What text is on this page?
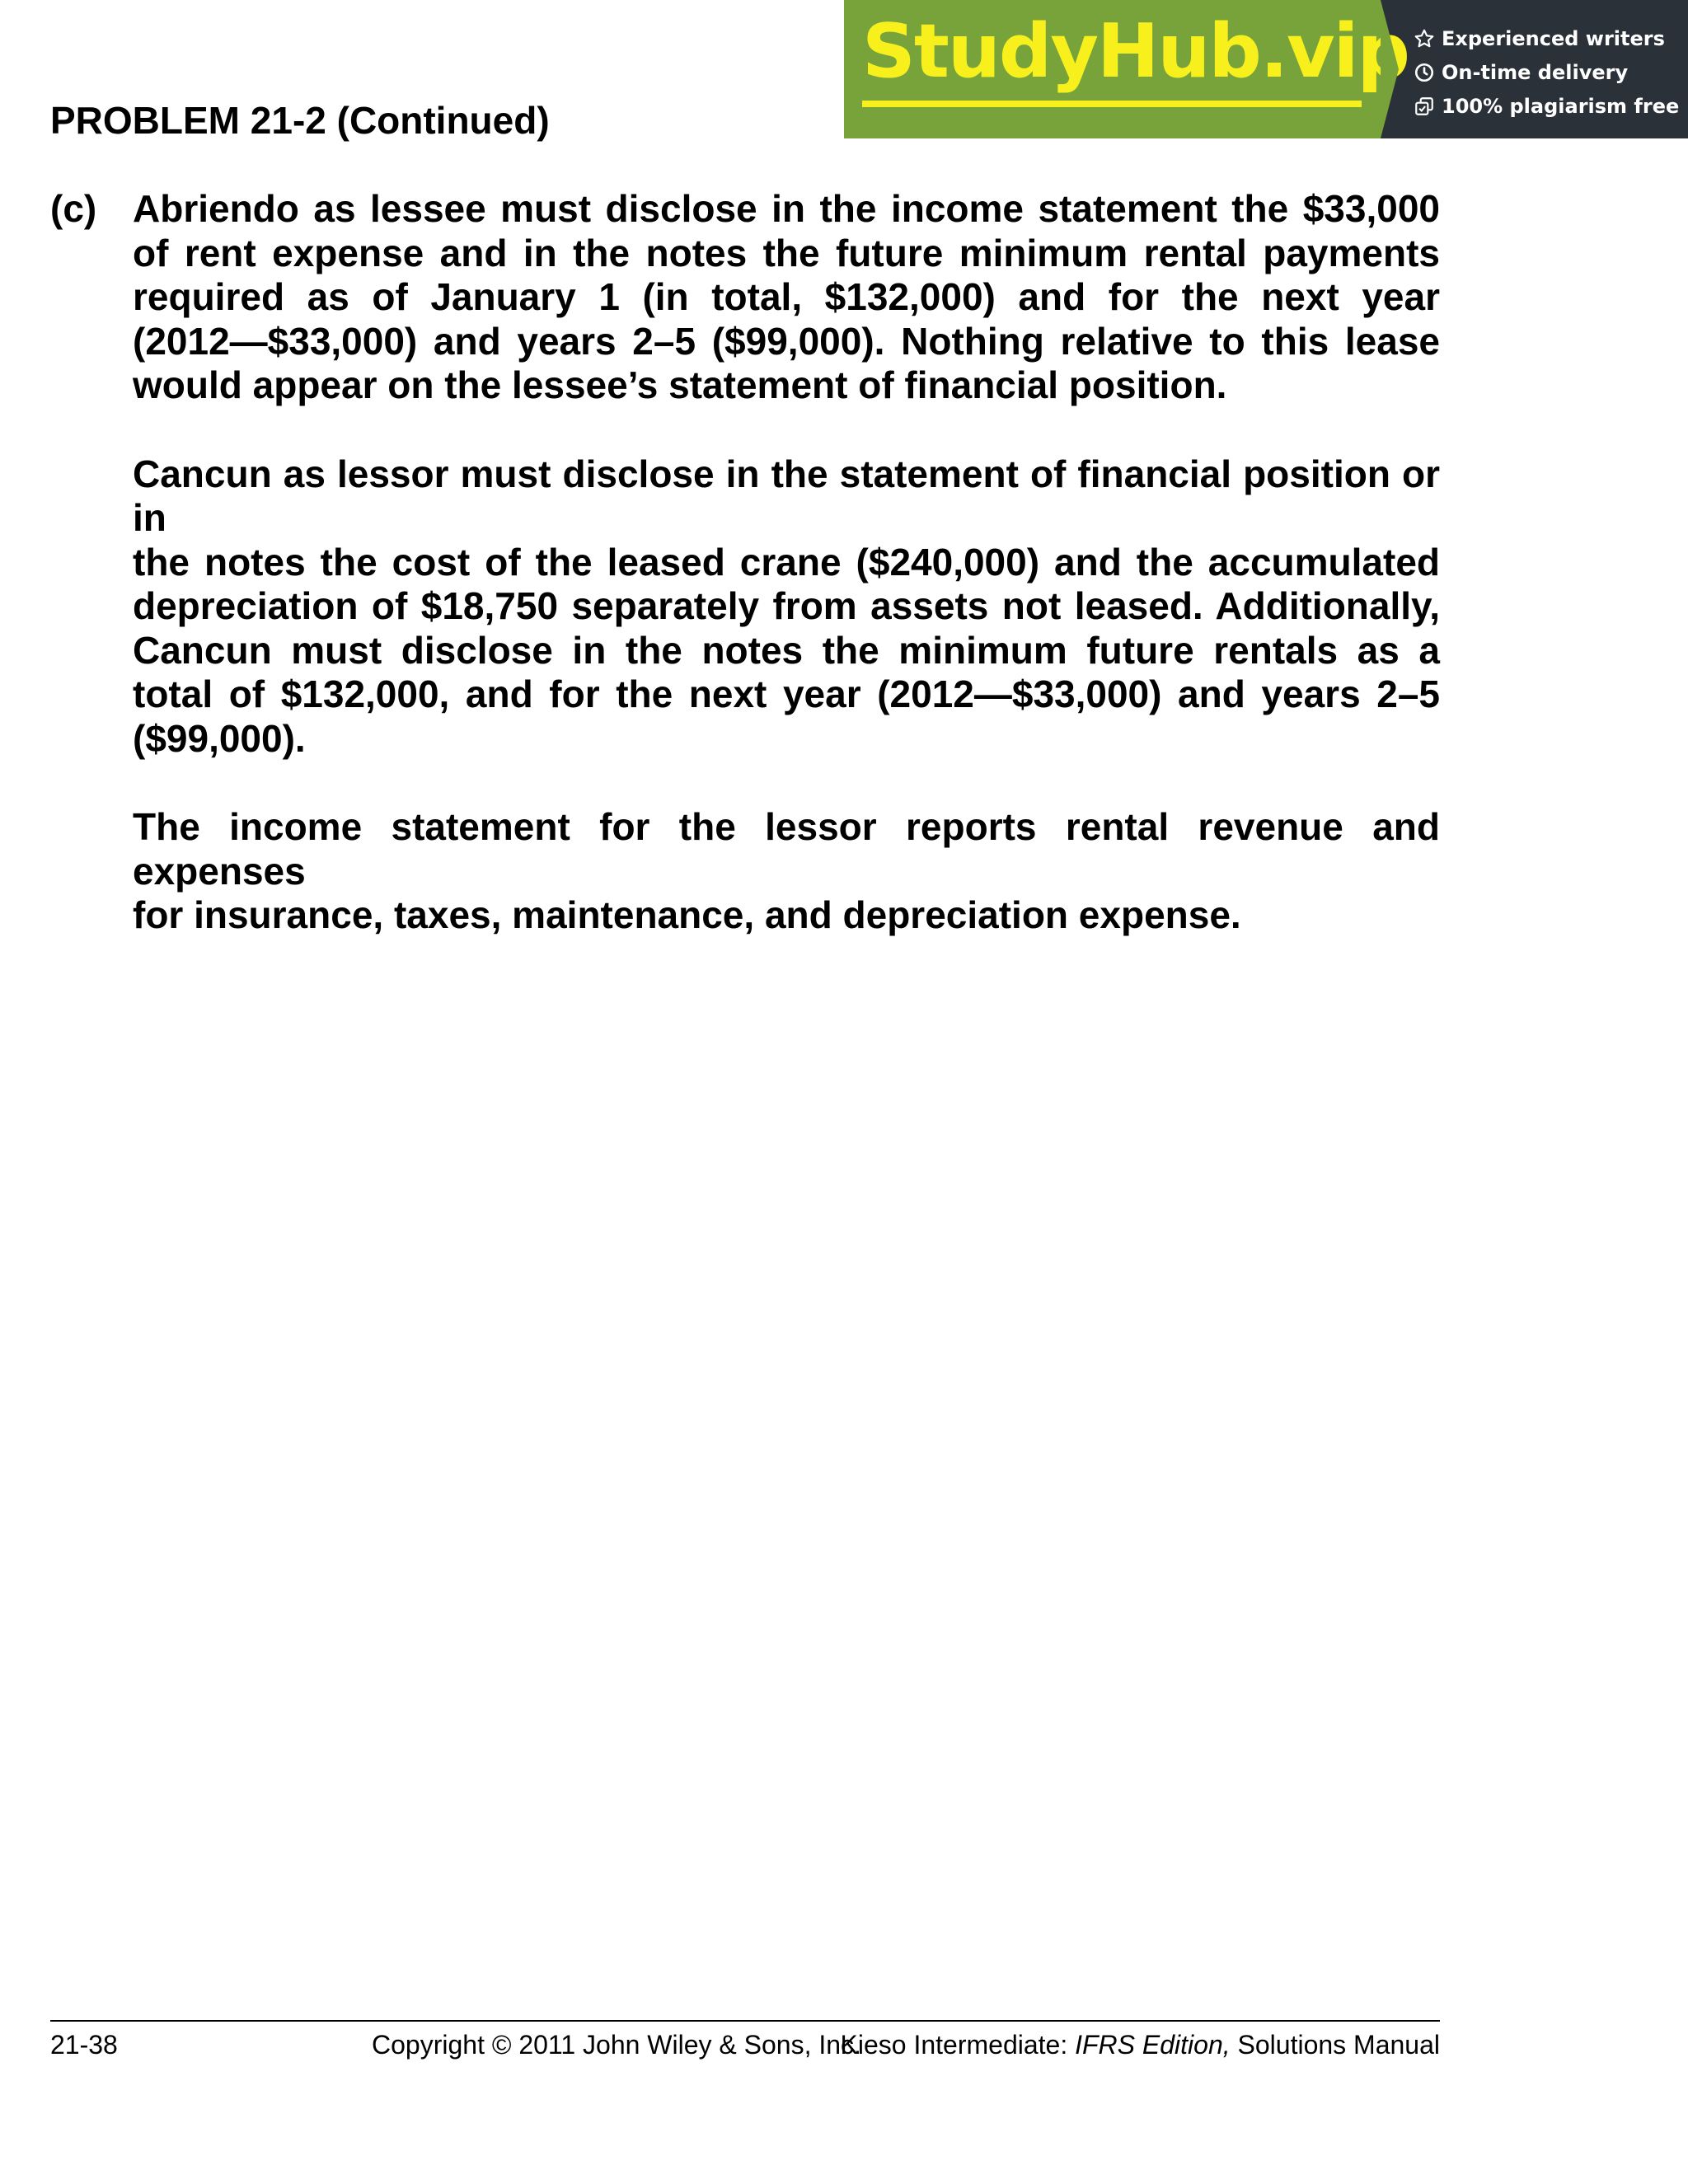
StudyHub.vip Experienced writers
On-time delivery
100% plagiarism free
PROBLEM 21-2 (Continued)
(c) Abriendo as lessee must disclose in the income statement the $33,000
of rent expense and in the notes the future minimum rental payments
required as of January 1 (in total, $132,000) and for the next year
(2012—$33,000) and years 2–5 ($99,000). Nothing relative to this lease
would appear on the lessee’s statement of financial position.

Cancun as lessor must disclose in the statement of financial position or in
the notes the cost of the leased crane ($240,000) and the accumulated
depreciation of $18,750 separately from assets not leased. Additionally,
Cancun must disclose in the notes the minimum future rentals as a
total of $132,000, and for the next year (2012—$33,000) and years 2–5
($99,000).

The income statement for the lessor reports rental revenue and expenses
for insurance, taxes, maintenance, and depreciation expense.

21-38	Copyright © 2011 John Wiley & Sons, Inc.
Kieso Intermediate: IFRS Edition, Solutions Manual
